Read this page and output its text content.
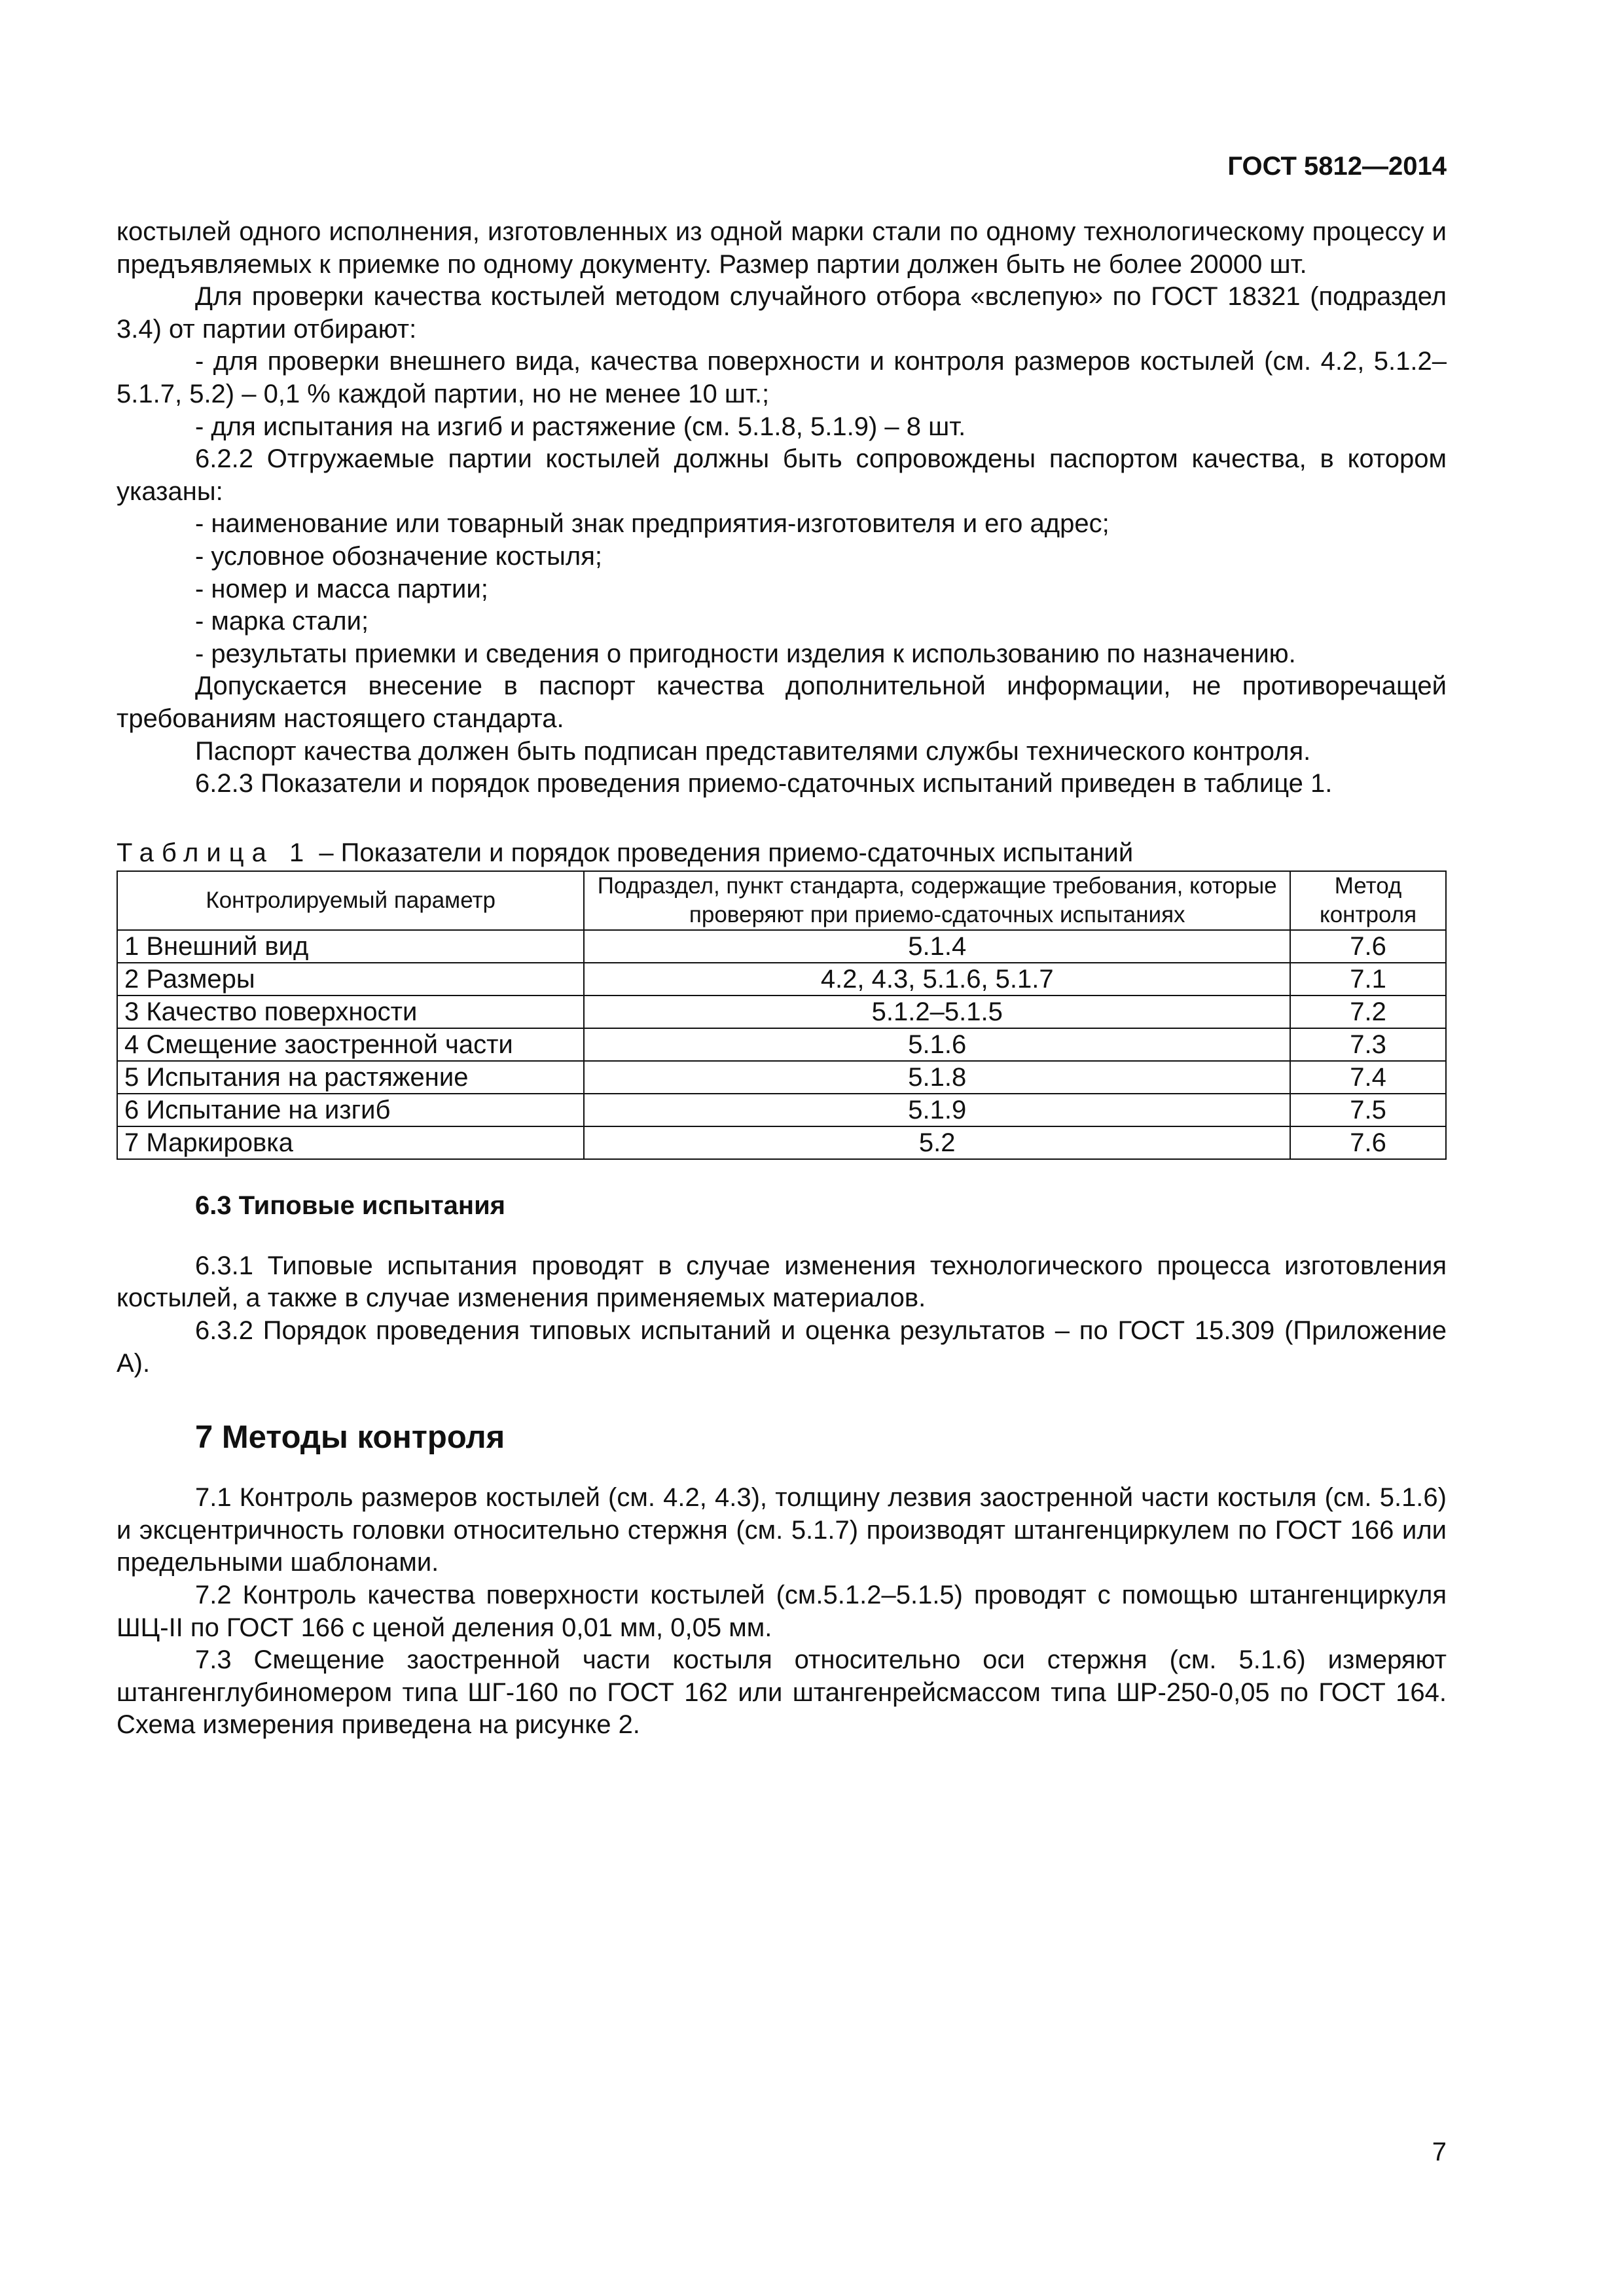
ГОСТ 5812—2014

костылей одного исполнения, изготовленных из одной марки стали по одному технологическому процессу и предъявляемых к приемке по одному документу. Размер партии должен быть не более 20000 шт.

Для проверки качества костылей методом случайного отбора «вслепую» по ГОСТ 18321 (подраздел 3.4) от партии отбирают:

- для проверки внешнего вида, качества поверхности и контроля размеров костылей (см. 4.2, 5.1.2–5.1.7, 5.2) – 0,1 % каждой партии, но не менее 10 шт.;

- для испытания на изгиб и растяжение (см. 5.1.8, 5.1.9) – 8 шт.

6.2.2 Отгружаемые партии костылей должны быть сопровождены паспортом качества, в котором указаны:

- наименование или товарный знак предприятия-изготовителя и его адрес;

- условное обозначение костыля;

- номер и масса партии;

- марка стали;

- результаты приемки и сведения о пригодности изделия к использованию по назначению.

Допускается внесение в паспорт качества дополнительной информации, не противоречащей требованиям настоящего стандарта.

Паспорт качества должен быть подписан представителями службы технического контроля.

6.2.3 Показатели и порядок проведения приемо-сдаточных испытаний приведен в таблице 1.

Таблица 1 – Показатели и порядок проведения приемо-сдаточных испытаний

Контролируемый параметр	Подраздел, пункт стандарта, содержащие требования, которые проверяют при приемо-сдаточных испытаниях	Метод контроля
1 Внешний вид	5.1.4	7.6
2 Размеры	4.2, 4.3, 5.1.6, 5.1.7	7.1
3 Качество поверхности	5.1.2–5.1.5	7.2
4 Смещение заостренной части	5.1.6	7.3
5 Испытания на растяжение	5.1.8	7.4
6 Испытание на изгиб	5.1.9	7.5
7 Маркировка	5.2	7.6

6.3 Типовые испытания

6.3.1 Типовые испытания проводят в случае изменения технологического процесса изготовления костылей, а также в случае изменения применяемых материалов.

6.3.2 Порядок проведения типовых испытаний и оценка результатов – по ГОСТ 15.309 (Приложение А).

7 Методы контроля

7.1 Контроль размеров костылей (см. 4.2, 4.3), толщину лезвия заостренной части костыля (см. 5.1.6) и эксцентричность головки относительно стержня (см. 5.1.7) производят штангенциркулем по ГОСТ 166 или предельными шаблонами.

7.2 Контроль качества поверхности костылей (см.5.1.2–5.1.5) проводят с помощью штангенциркуля ШЦ-II по ГОСТ 166 с ценой деления 0,01 мм, 0,05 мм.

7.3 Смещение заостренной части костыля относительно оси стержня (см. 5.1.6) измеряют штангенглубиномером типа ШГ-160 по ГОСТ 162 или штангенрейсмассом типа ШР-250-0,05 по ГОСТ 164. Схема измерения приведена на рисунке 2.

7
